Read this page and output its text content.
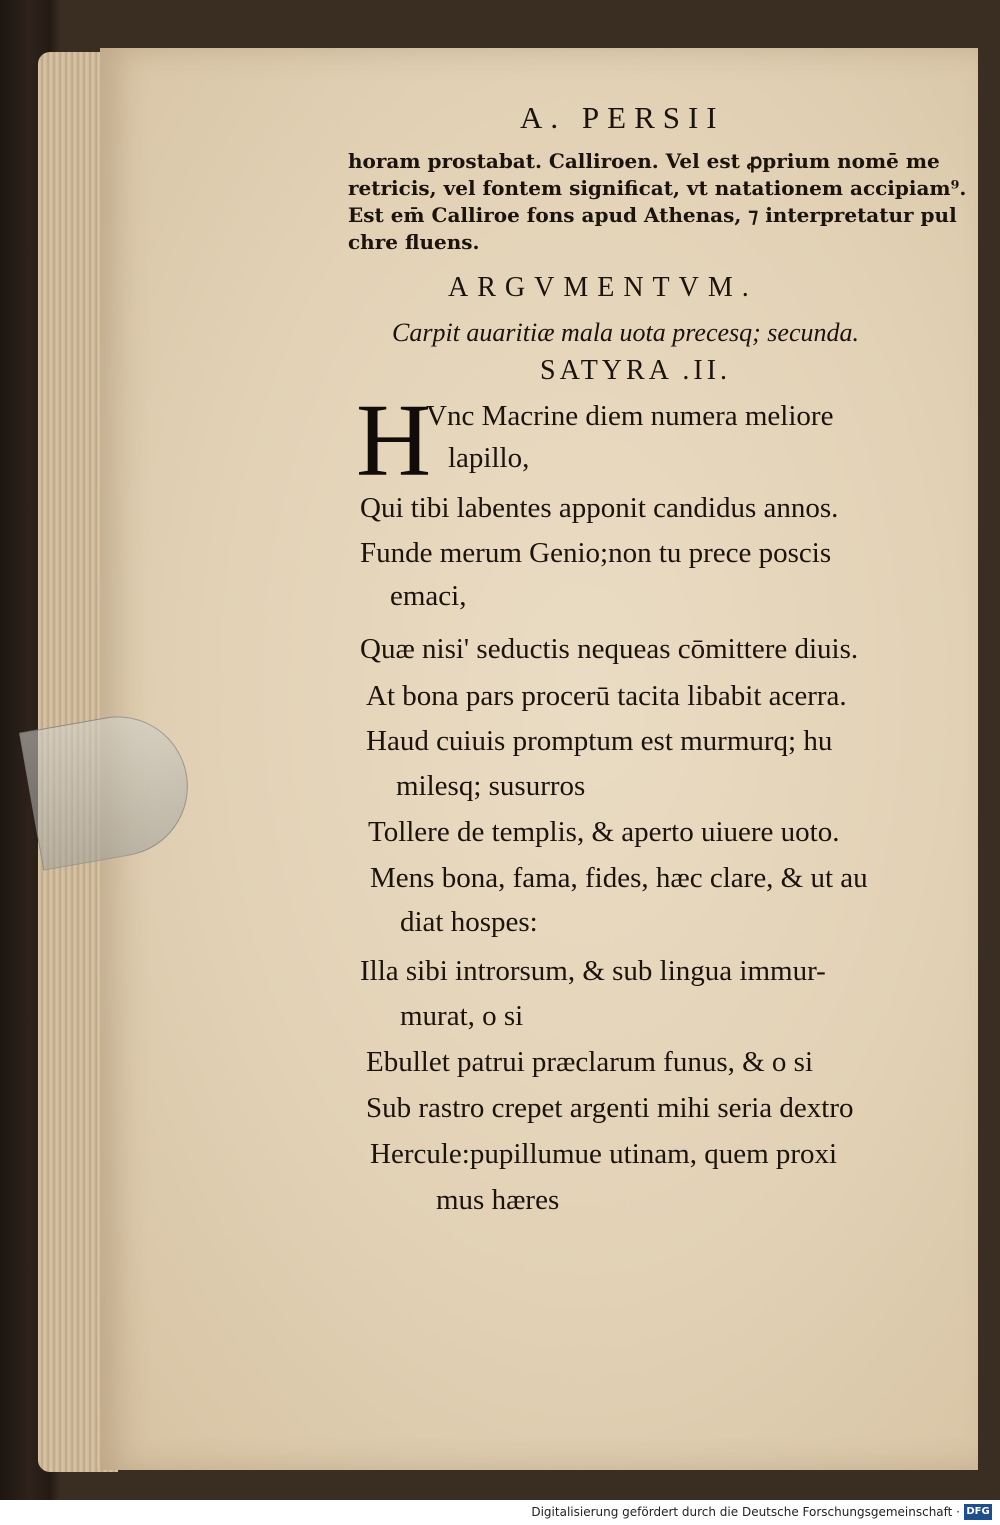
A. PERSII
horam prostabat. Calliroen. Vel est ꝓprium nomē me
retricis, vel fontem significat, vt natationem accipiam⁹.
Est em̄ Calliroe fons apud Athenas, ⁊ interpretatur pul
chre fluens.
ARGVMENTVM.
Carpit auaritiæ mala uota precesq; secunda.
SATYRA .II.
H
Vnc Macrine diem numera meliore
lapillo,
Qui tibi labentes apponit candidus annos.
Funde merum Genio;non tu prece poscis
emaci,
Quæ nisi' seductis nequeas cōmittere diuis.
At bona pars procerū tacita libabit acerra.
Haud cuiuis promptum est murmurq; hu
milesq; susurros
Tollere de templis, & aperto uiuere uoto.
Mens bona, fama, fides, hæc clare, & ut au
diat hospes:
Illa sibi introrsum, & sub lingua immur-
murat, o si
Ebullet patrui præclarum funus, & o si
Sub rastro crepet argenti mihi seria dextro
Hercule:pupillumue utinam, quem proxi
mus hæres
Digitalisierung gefördert durch die Deutsche Forschungsgemeinschaft · DFG
